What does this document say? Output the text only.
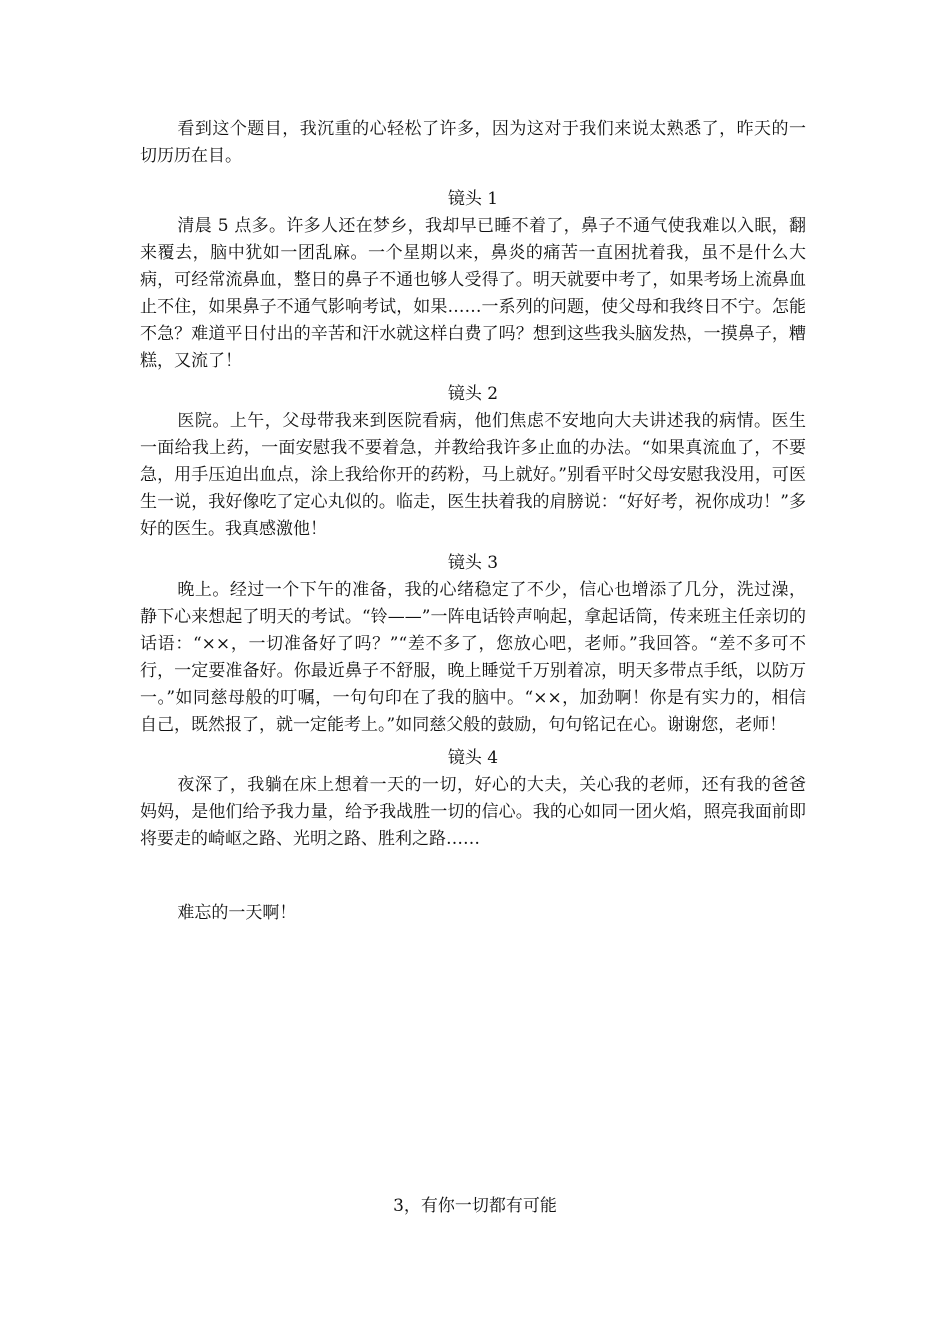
看到这个题目，我沉重的心轻松了许多，因为这对于我们来说太熟悉了，昨天的一切历历在目。

镜头 1

清晨 5 点多。许多人还在梦乡，我却早已睡不着了，鼻子不通气使我难以入眠，翻来覆去，脑中犹如一团乱麻。一个星期以来，鼻炎的痛苦一直困扰着我，虽不是什么大病，可经常流鼻血，整日的鼻子不通也够人受得了。明天就要中考了，如果考场上流鼻血止不住，如果鼻子不通气影响考试，如果……一系列的问题，使父母和我终日不宁。怎能不急？难道平日付出的辛苦和汗水就这样白费了吗？想到这些我头脑发热，一摸鼻子，糟糕，又流了！

镜头 2

医院。上午，父母带我来到医院看病，他们焦虑不安地向大夫讲述我的病情。医生一面给我上药，一面安慰我不要着急，并教给我许多止血的办法。“如果真流血了，不要急，用手压迫出血点，涂上我给你开的药粉，马上就好。”别看平时父母安慰我没用，可医生一说，我好像吃了定心丸似的。临走，医生扶着我的肩膀说：“好好考，祝你成功！”多好的医生。我真感激他！

镜头 3

晚上。经过一个下午的准备，我的心绪稳定了不少，信心也增添了几分，洗过澡，静下心来想起了明天的考试。“铃——”一阵电话铃声响起，拿起话筒，传来班主任亲切的话语：“××，一切准备好了吗？”“差不多了，您放心吧，老师。”我回答。“差不多可不行，一定要准备好。你最近鼻子不舒服，晚上睡觉千万别着凉，明天多带点手纸，以防万一。”如同慈母般的叮嘱，一句句印在了我的脑中。“××，加劲啊！你是有实力的，相信自己，既然报了，就一定能考上。”如同慈父般的鼓励，句句铭记在心。谢谢您，老师！

镜头 4

夜深了，我躺在床上想着一天的一切，好心的大夫，关心我的老师，还有我的爸爸妈妈，是他们给予我力量，给予我战胜一切的信心。我的心如同一团火焰，照亮我面前即将要走的崎岖之路、光明之路、胜利之路……

难忘的一天啊！

3，有你一切都有可能
